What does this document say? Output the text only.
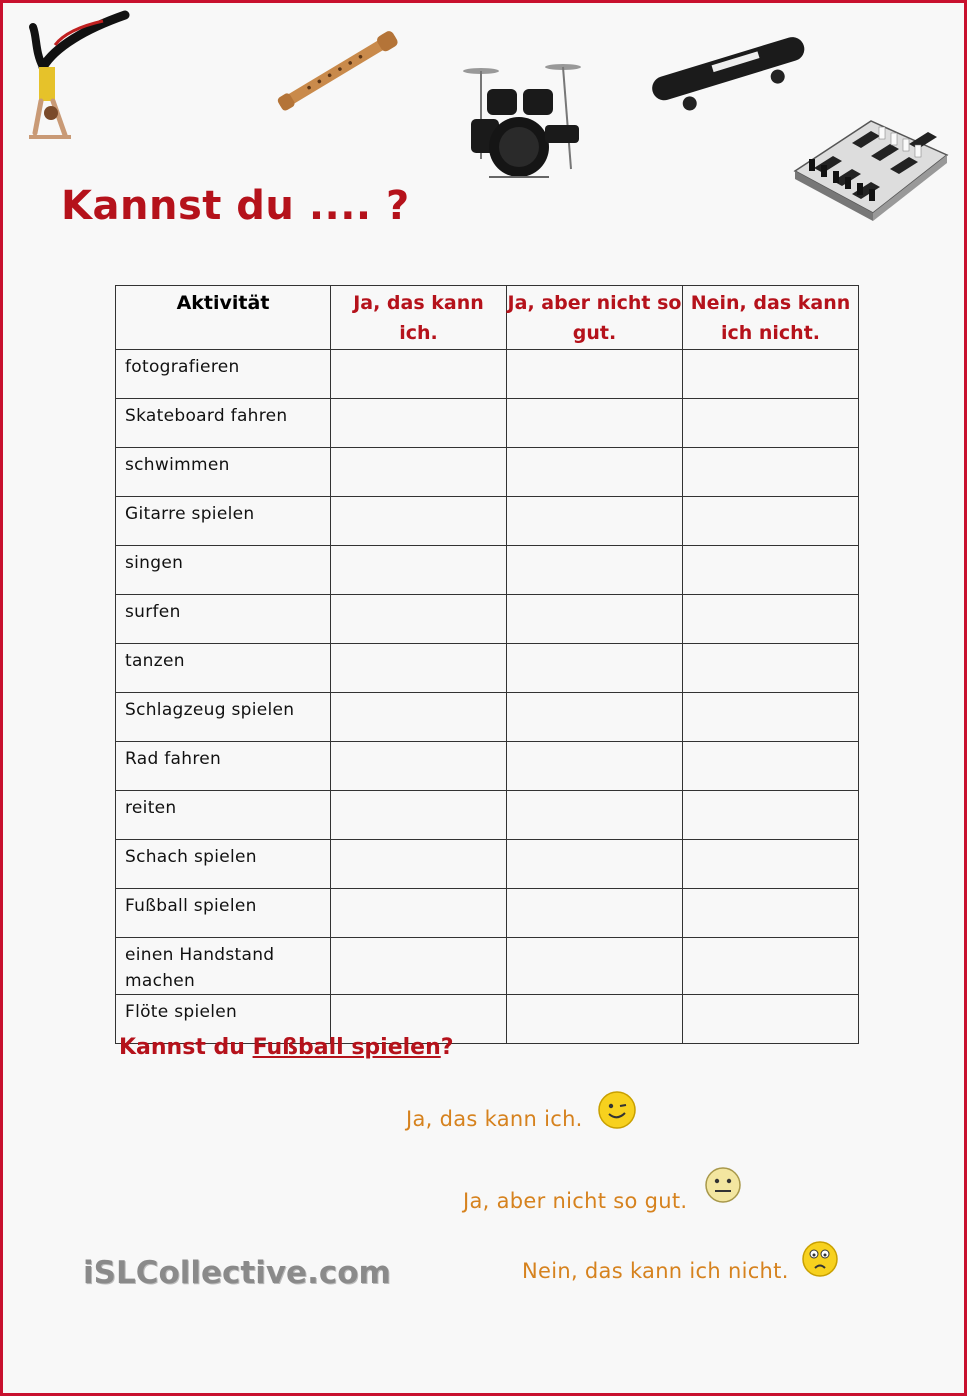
Kannst du .... ?
Aktivität	Ja, das kann ich.	Ja, aber nicht so gut.	Nein, das kann ich nicht.
fotografieren			
Skateboard fahren			
schwimmen			
Gitarre spielen			
singen			
surfen			
tanzen			
Schlagzeug spielen			
Rad fahren			
reiten			
Schach spielen			
Fußball spielen			
einen Handstand machen			
Flöte spielen			
Kannst du Fußball spielen?
Ja, das kann ich.
Ja, aber nicht so gut.
iSLCollective.com	Nein, das kann ich nicht.
